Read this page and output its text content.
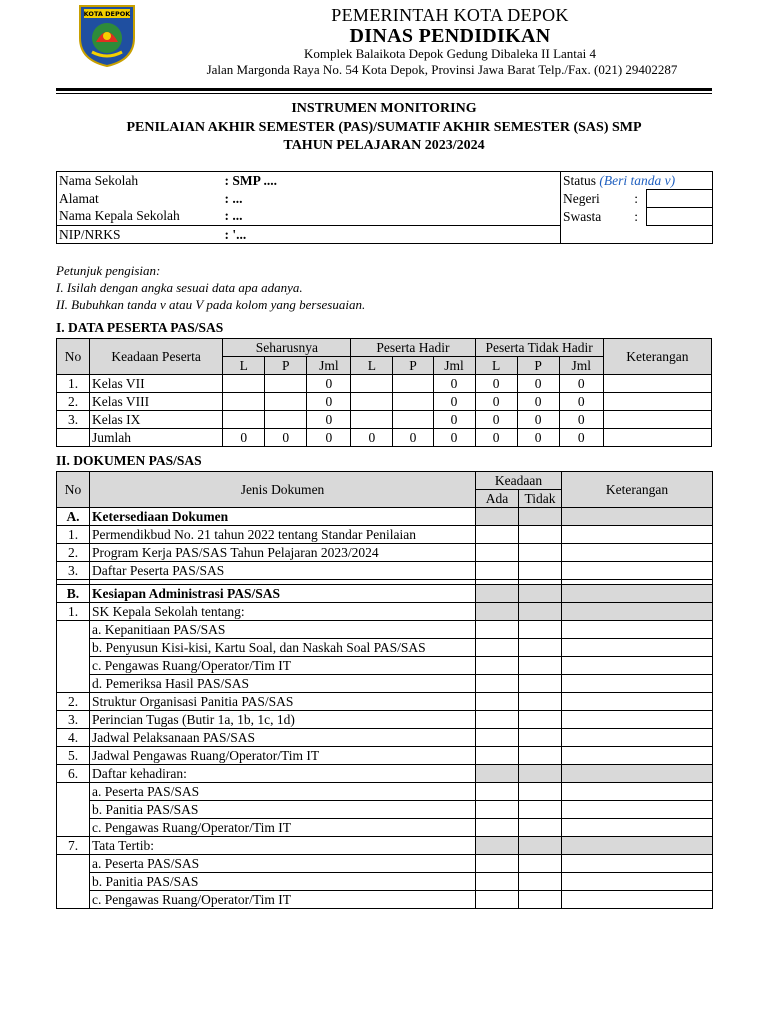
KOTA DEPOK	PEMERINTAH KOTA DEPOK
DINAS PENDIDIKAN
Komplek Balaikota Depok Gedung Dibaleka II Lantai 4
Jalan Margonda Raya No. 54 Kota Depok, Provinsi Jawa Barat Telp./Fax. (021) 29402287
INSTRUMEN MONITORING
PENILAIAN AKHIR SEMESTER (PAS)/SUMATIF AKHIR SEMESTER (SAS) SMP
TAHUN PELAJARAN 2023/2024
Nama Sekolah	: SMP ....	Status (Beri tanda v)		
Alamat	: ...	Negeri	:	
Nama Kepala Sekolah	: ...	Swasta	:	
NIP/NRKS	: '...			
Petunjuk pengisian:
I. Isilah dengan angka sesuai data apa adanya.
II. Bubuhkan tanda v atau V pada kolom yang bersesuaian.
I. DATA PESERTA PAS/SAS
No	Keadaan Peserta	Seharusnya			Peserta Hadir			Peserta Tidak Hadir			Keterangan
		L	P	Jml	L	P	Jml	L	P	Jml	
1.	Kelas VII			0			0	0	0	0	
2.	Kelas VIII			0			0	0	0	0	
3.	Kelas IX			0			0	0	0	0	
	Jumlah	0	0	0	0	0	0	0	0	0	
II. DOKUMEN PAS/SAS
No	Jenis Dokumen	Keadaan		Keterangan
		Ada	Tidak	
A.	Ketersediaan Dokumen			
1.	Permendikbud No. 21 tahun 2022 tentang Standar Penilaian			
2.	Program Kerja PAS/SAS Tahun Pelajaran 2023/2024			
3.	Daftar Peserta PAS/SAS			

B.	Kesiapan Administrasi PAS/SAS			
1.	SK Kepala Sekolah tentang:			
	a. Kepanitiaan PAS/SAS			
	b. Penyusun Kisi-kisi, Kartu Soal, dan Naskah Soal PAS/SAS			
	c. Pengawas Ruang/Operator/Tim IT			
	d. Pemeriksa Hasil PAS/SAS			
2.	Struktur Organisasi Panitia PAS/SAS			
3.	Perincian Tugas (Butir 1a, 1b, 1c, 1d)			
4.	Jadwal Pelaksanaan PAS/SAS			
5.	Jadwal Pengawas Ruang/Operator/Tim IT			
6.	Daftar kehadiran:			
	a. Peserta PAS/SAS			
	b. Panitia PAS/SAS			
	c. Pengawas Ruang/Operator/Tim IT			
7.	Tata Tertib:			
	a. Peserta PAS/SAS			
	b. Panitia PAS/SAS			
	c. Pengawas Ruang/Operator/Tim IT			
